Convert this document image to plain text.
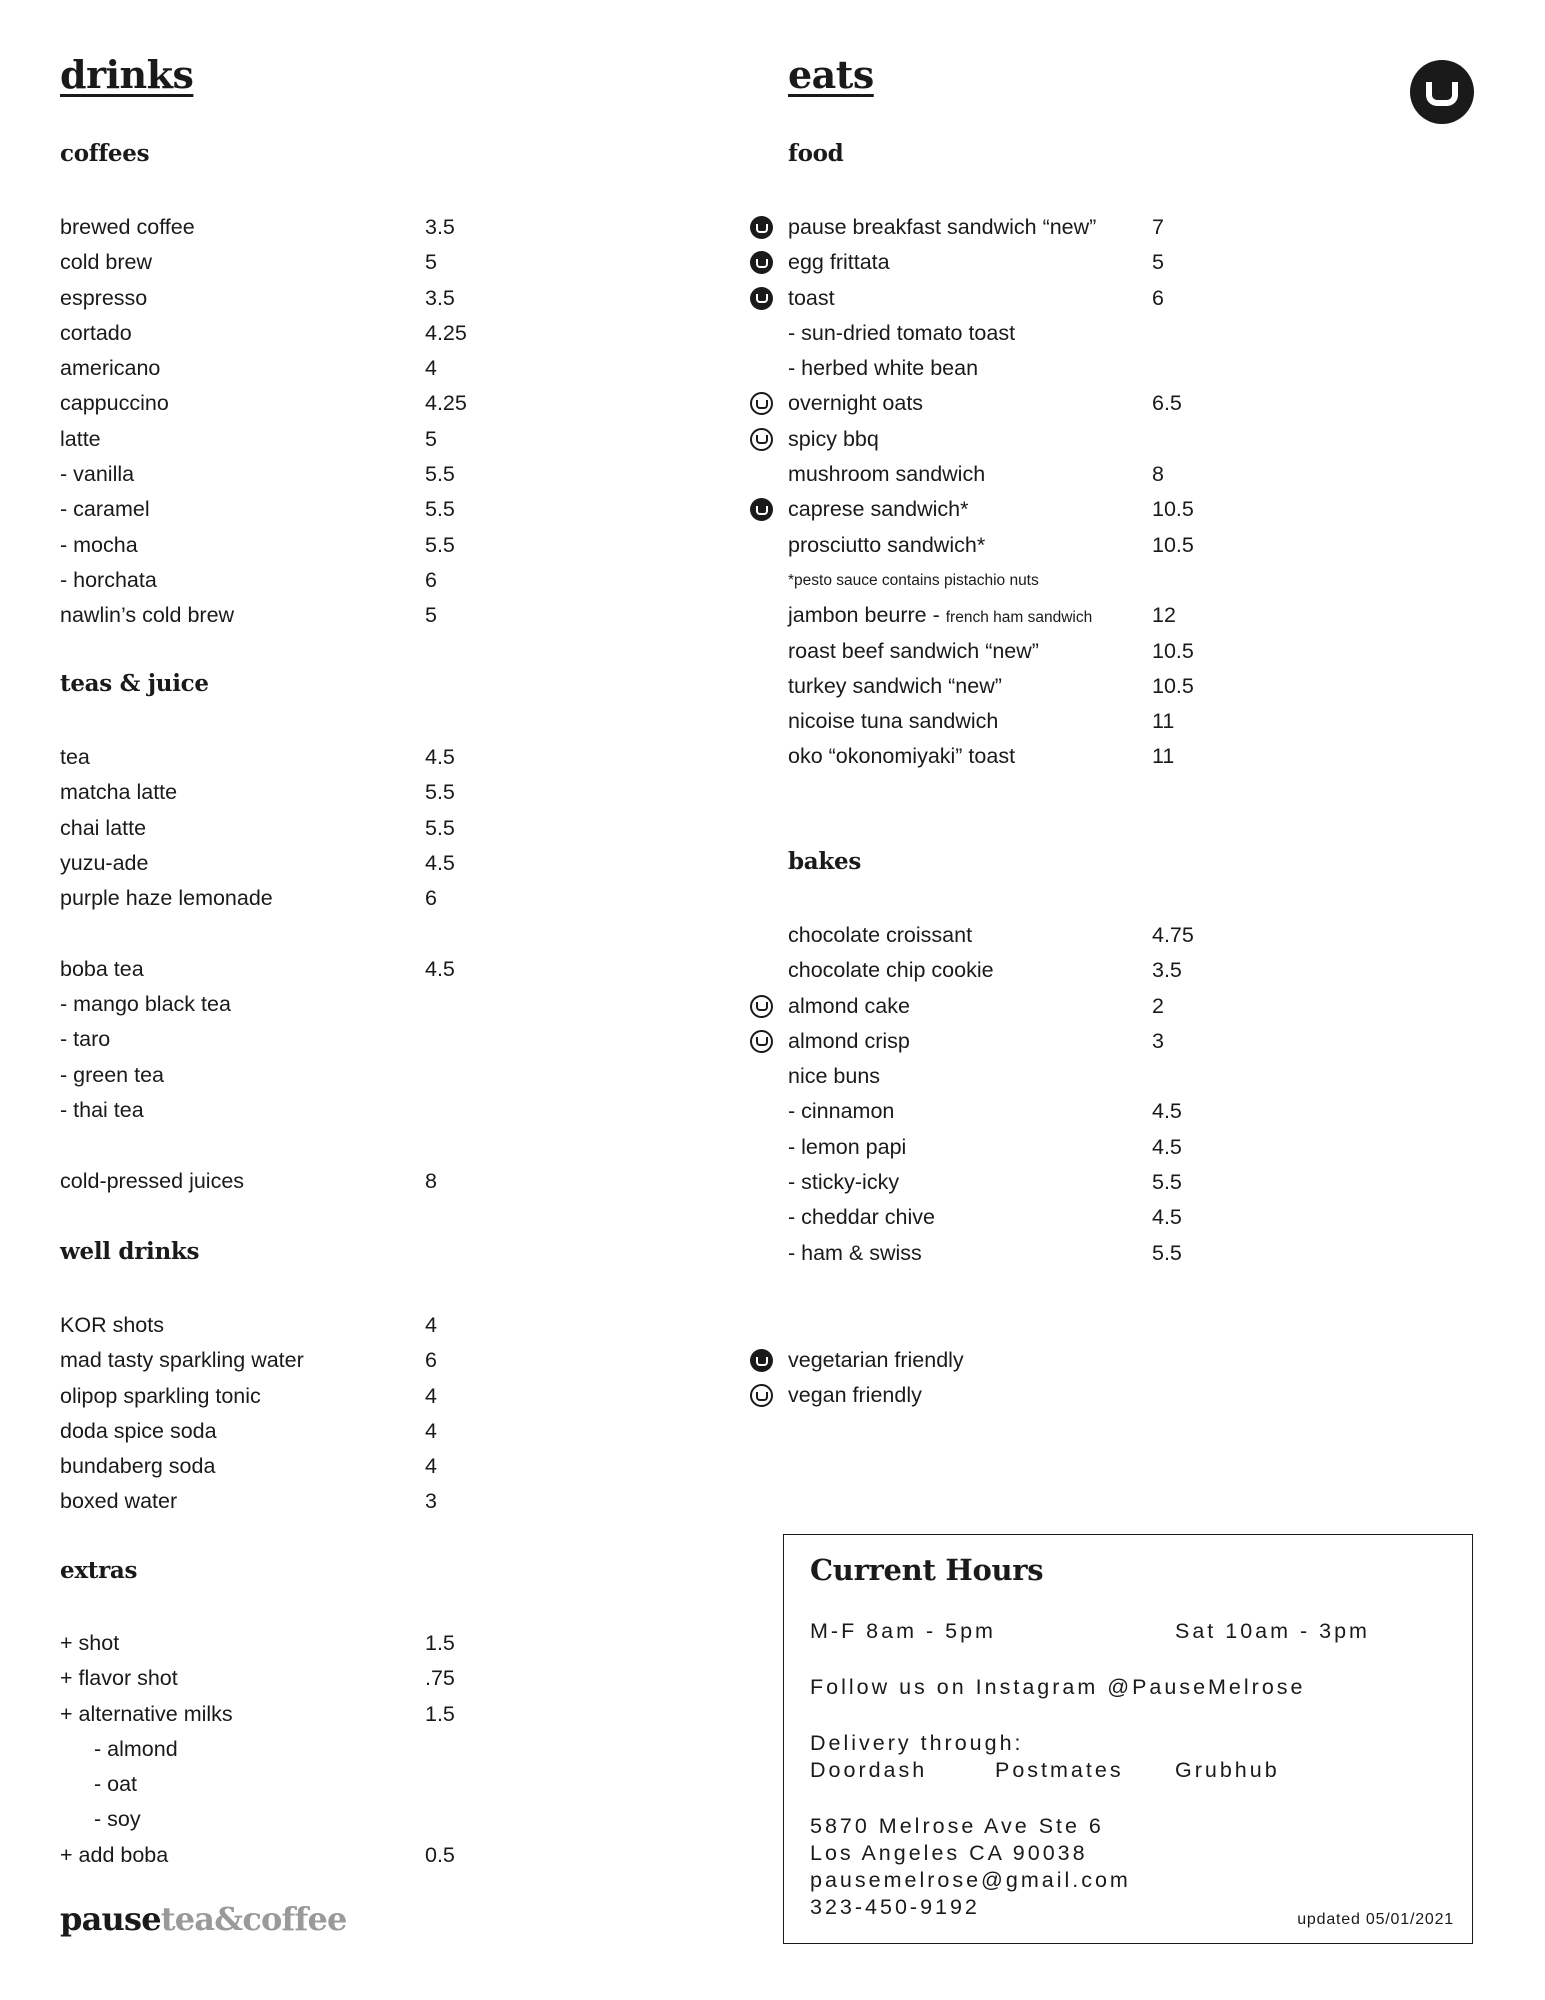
drinks
coffees
brewed coffee	3.5
cold brew	5
espresso	3.5
cortado	4.25
americano	4
cappuccino	4.25
latte	5
- vanilla	5.5
- caramel	5.5
- mocha	5.5
- horchata	6
nawlin’s cold brew	5
teas & juice
tea	4.5
matcha latte	5.5
chai latte	5.5
yuzu-ade	4.5
purple haze lemonade	6
boba tea	4.5
- mango black tea
- taro
- green tea
- thai tea
cold-pressed juices	8
well drinks
KOR shots	4
mad tasty sparkling water	6
olipop sparkling tonic	4
doda spice soda	4
bundaberg soda	4
boxed water	3
extras
+ shot	1.5
+ flavor shot	.75
+ alternative milks	1.5
- almond
- oat
- soy
+ add boba	0.5
eats
food
pause breakfast sandwich “new”	7
egg frittata	5
toast	6
- sun-dried tomato toast
- herbed white bean
overnight oats	6.5
spicy bbq
mushroom sandwich	8
caprese sandwich*	10.5
prosciutto sandwich*	10.5
*pesto sauce contains pistachio nuts
jambon beurre - french ham sandwich	12
roast beef sandwich “new”	10.5
turkey sandwich “new”	10.5
nicoise tuna sandwich	11
oko “okonomiyaki” toast	11
bakes
chocolate croissant	4.75
chocolate chip cookie	3.5
almond cake	2
almond crisp	3
nice buns
- cinnamon	4.5
- lemon papi	4.5
- sticky-icky	5.5
- cheddar chive	4.5
- ham & swiss	5.5
vegetarian friendly
vegan friendly
Current Hours
M-F 8am - 5pm	Sat 10am - 3pm
Follow us on Instagram @PauseMelrose
Delivery through:
Doordash	Postmates Grubhub
5870 Melrose Ave Ste 6
Los Angeles CA 90038
pausemelrose@gmail.com
323-450-9192
updated 05/01/2021
pausetea&coffee
